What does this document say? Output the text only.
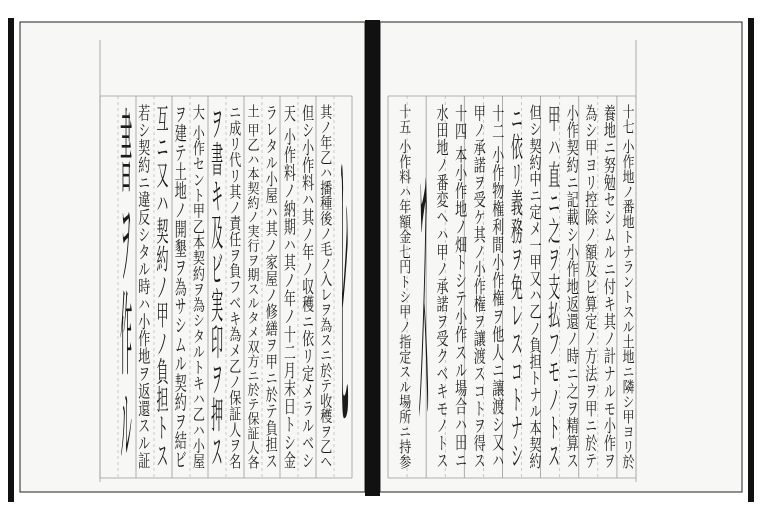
十七 小作地ノ番地トナラントスル土地ニ隣シ甲ヨリ於
養地ニ努勉セシムルニ付キ其ノ計ナルモ小作ヲ
為シ甲ヨリ控除ノ額及ビ算定ノ方法ヲ甲ニ於テ
小作契約ニ記載シ小作地返還ノ時ニ之ヲ精算ス
甲ハ直ニ之ヲ支払フモノトス
但シ契約中ニ定メ一甲又ハ乙ノ負担トナル本契約
ニ依リ義務ヲ免レスコトナシ
十二 小作物権利間小作権ヲ他人ニ讓渡シ又ハ
甲ノ承諾ヲ受ケ其ノ小作権ヲ讓渡スコトヲ得ス
十四 本小作地ノ畑トシテ小作スル場合ハ田ニ
水田地ノ番変ヘハ甲ノ承諾ヲ受クベキモノトス
ス
十五 小作料ハ年額金七円トシ甲ノ指定スル場所ニ持参
ヒ
其ノ年乙ハ播種後ノ毛ノ入レヲ為スニ於テ收穫ヲ乙ヘ
但シ小作料ハ其ノ年ノ収穫ニ依リ定メラルベシ
天 小作料ノ納期ハ其ノ年ノ十二月末日トシ金
ラレタル小屋ハ其ノ家屋ノ修繕ヲ甲ニ於テ負担ス
土 甲乙ハ本契約ノ実行ヲ期スルタメ双方ニ於テ保証人各
ニ成リ代リ其ノ責任ヲ負フベキ為メ乙ノ保証人ヲ名
ヲ書キ及ビ実印ヲ押ス
大 小作セント甲乙本契約ヲ為シタルトキハ乙ハ小屋
ヲ建テ土地ノ開墾ヲ為サシムル契約ヲ結ビ
互ニ又ハ契約ノ甲ノ負担トス
若シ契約ニ違反シタル時ハ小作地ヲ返還スル証
書ヲ作ル
